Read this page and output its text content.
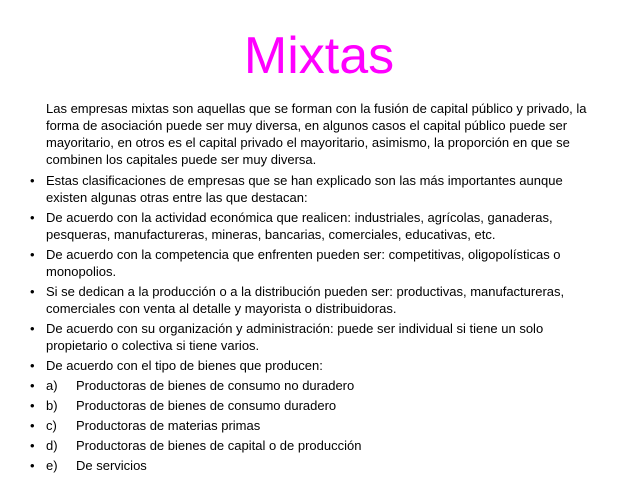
Mixtas

Las empresas mixtas son aquellas que se forman con la fusión de capital público y privado, la forma de asociación puede ser muy diversa, en algunos casos el capital público puede ser mayoritario, en otros es el capital privado el mayoritario, asimismo, la proporción en que se combinen los capitales puede ser muy diversa.

• Estas clasificaciones de empresas que se han explicado son las más importantes aunque existen algunas otras entre las que destacan:
• De acuerdo con la actividad económica que realicen: industriales, agrícolas, ganaderas, pesqueras, manufactureras, mineras, bancarias, comerciales, educativas, etc.
• De acuerdo con la competencia que enfrenten pueden ser: competitivas, oligopolísticas o monopolios.
• Si se dedican a la producción o a la distribución pueden ser: productivas, manufactureras, comerciales con venta al detalle y mayorista o distribuidoras.
• De acuerdo con su organización y administración: puede ser individual si tiene un solo propietario o colectiva si tiene varios.
• De acuerdo con el tipo de bienes que producen:
• a) Productoras de bienes de consumo no duradero
• b) Productoras de bienes de consumo duradero
• c) Productoras de materias primas
• d) Productoras de bienes de capital o de producción
• e) De servicios
